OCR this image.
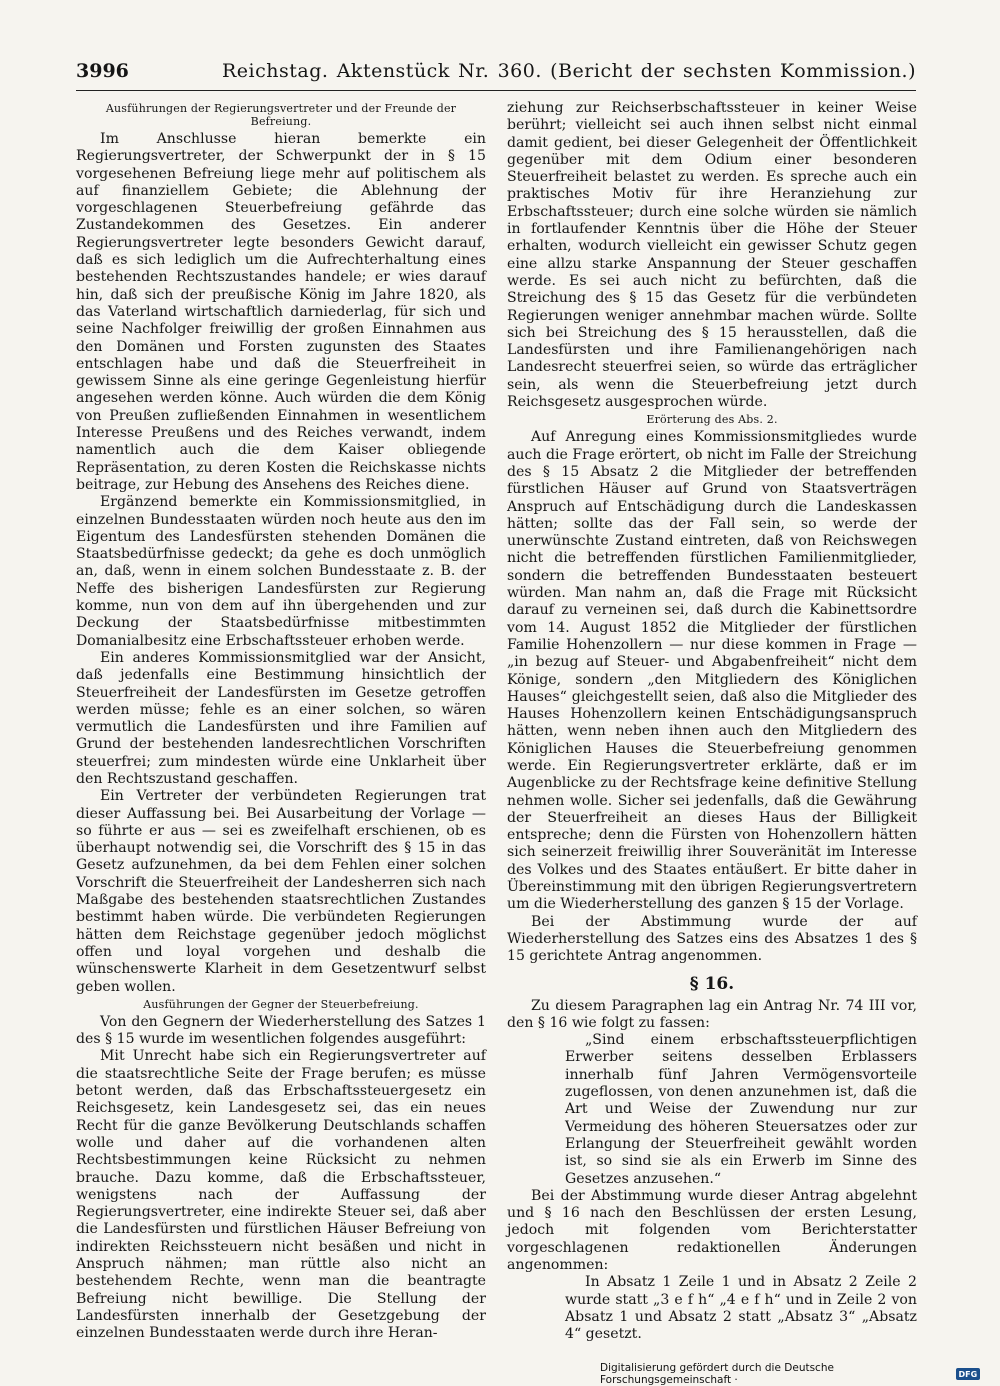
3996	Reichstag. Aktenstück Nr. 360. (Bericht der sechsten Kommission.)
Ausführungen der Regierungsvertreter und der Freunde der Befreiung.

Im Anschlusse hieran bemerkte ein Regierungsvertreter, der Schwerpunkt der in § 15 vorgesehenen Befreiung liege mehr auf politischem als auf finanziellem Gebiete; die Ablehnung der vorgeschlagenen Steuerbefreiung gefährde das Zustandekommen des Gesetzes. Ein anderer Regierungsvertreter legte besonders Gewicht darauf, daß es sich lediglich um die Aufrechterhaltung eines bestehenden Rechtszustandes handele; er wies darauf hin, daß sich der preußische König im Jahre 1820, als das Vaterland wirtschaftlich darniederlag, für sich und seine Nachfolger freiwillig der großen Einnahmen aus den Domänen und Forsten zugunsten des Staates entschlagen habe und daß die Steuerfreiheit in gewissem Sinne als eine geringe Gegenleistung hierfür angesehen werden könne. Auch würden die dem König von Preußen zufließenden Einnahmen in wesentlichem Interesse Preußens und des Reiches verwandt, indem namentlich auch die dem Kaiser obliegende Repräsentation, zu deren Kosten die Reichskasse nichts beitrage, zur Hebung des Ansehens des Reiches diene.

Ergänzend bemerkte ein Kommissionsmitglied, in einzelnen Bundesstaaten würden noch heute aus den im Eigentum des Landesfürsten stehenden Domänen die Staatsbedürfnisse gedeckt; da gehe es doch unmöglich an, daß, wenn in einem solchen Bundesstaate z. B. der Neffe des bisherigen Landesfürsten zur Regierung komme, nun von dem auf ihn übergehenden und zur Deckung der Staatsbedürfnisse mitbestimmten Domanialbesitz eine Erbschaftssteuer erhoben werde.

Ein anderes Kommissionsmitglied war der Ansicht, daß jedenfalls eine Bestimmung hinsichtlich der Steuerfreiheit der Landesfürsten im Gesetze getroffen werden müsse; fehle es an einer solchen, so wären vermutlich die Landesfürsten und ihre Familien auf Grund der bestehenden landesrechtlichen Vorschriften steuerfrei; zum mindesten würde eine Unklarheit über den Rechtszustand geschaffen.

Ein Vertreter der verbündeten Regierungen trat dieser Auffassung bei. Bei Ausarbeitung der Vorlage — so führte er aus — sei es zweifelhaft erschienen, ob es überhaupt notwendig sei, die Vorschrift des § 15 in das Gesetz aufzunehmen, da bei dem Fehlen einer solchen Vorschrift die Steuerfreiheit der Landesherren sich nach Maßgabe des bestehenden staatsrechtlichen Zustandes bestimmt haben würde. Die verbündeten Regierungen hätten dem Reichstage gegenüber jedoch möglichst offen und loyal vorgehen und deshalb die wünschenswerte Klarheit in dem Gesetzentwurf selbst geben wollen.

Ausführungen der Gegner der Steuerbefreiung.

Von den Gegnern der Wiederherstellung des Satzes 1 des § 15 wurde im wesentlichen folgendes ausgeführt:

Mit Unrecht habe sich ein Regierungsvertreter auf die staatsrechtliche Seite der Frage berufen; es müsse betont werden, daß das Erbschaftssteuergesetz ein Reichsgesetz, kein Landesgesetz sei, das ein neues Recht für die ganze Bevölkerung Deutschlands schaffen wolle und daher auf die vorhandenen alten Rechtsbestimmungen keine Rücksicht zu nehmen brauche. Dazu komme, daß die Erbschaftssteuer, wenigstens nach der Auffassung der Regierungsvertreter, eine indirekte Steuer sei, daß aber die Landesfürsten und fürstlichen Häuser Befreiung von indirekten Reichssteuern nicht besäßen und nicht in Anspruch nähmen; man rüttle also nicht an bestehendem Rechte, wenn man die beantragte Befreiung nicht bewillige. Die Stellung der Landesfürsten innerhalb der Gesetzgebung der einzelnen Bundesstaaten werde durch ihre Heran-

ziehung zur Reichserbschaftssteuer in keiner Weise berührt; vielleicht sei auch ihnen selbst nicht einmal damit gedient, bei dieser Gelegenheit der Öffentlichkeit gegenüber mit dem Odium einer besonderen Steuerfreiheit belastet zu werden. Es spreche auch ein praktisches Motiv für ihre Heranziehung zur Erbschaftssteuer; durch eine solche würden sie nämlich in fortlaufender Kenntnis über die Höhe der Steuer erhalten, wodurch vielleicht ein gewisser Schutz gegen eine allzu starke Anspannung der Steuer geschaffen werde. Es sei auch nicht zu befürchten, daß die Streichung des § 15 das Gesetz für die verbündeten Regierungen weniger annehmbar machen würde. Sollte sich bei Streichung des § 15 herausstellen, daß die Landesfürsten und ihre Familienangehörigen nach Landesrecht steuerfrei seien, so würde das erträglicher sein, als wenn die Steuerbefreiung jetzt durch Reichsgesetz ausgesprochen würde.

Erörterung des Abs. 2.

Auf Anregung eines Kommissionsmitgliedes wurde auch die Frage erörtert, ob nicht im Falle der Streichung des § 15 Absatz 2 die Mitglieder der betreffenden fürstlichen Häuser auf Grund von Staatsverträgen Anspruch auf Entschädigung durch die Landeskassen hätten; sollte das der Fall sein, so werde der unerwünschte Zustand eintreten, daß von Reichswegen nicht die betreffenden fürstlichen Familienmitglieder, sondern die betreffenden Bundesstaaten besteuert würden. Man nahm an, daß die Frage mit Rücksicht darauf zu verneinen sei, daß durch die Kabinettsordre vom 14. August 1852 die Mitglieder der fürstlichen Familie Hohenzollern — nur diese kommen in Frage — „in bezug auf Steuer- und Abgabenfreiheit“ nicht dem Könige, sondern „den Mitgliedern des Königlichen Hauses“ gleichgestellt seien, daß also die Mitglieder des Hauses Hohenzollern keinen Entschädigungsanspruch hätten, wenn neben ihnen auch den Mitgliedern des Königlichen Hauses die Steuerbefreiung genommen werde. Ein Regierungsvertreter erklärte, daß er im Augenblicke zu der Rechtsfrage keine definitive Stellung nehmen wolle. Sicher sei jedenfalls, daß die Gewährung der Steuerfreiheit an dieses Haus der Billigkeit entspreche; denn die Fürsten von Hohenzollern hätten sich seinerzeit freiwillig ihrer Souveränität im Interesse des Volkes und des Staates entäußert. Er bitte daher in Übereinstimmung mit den übrigen Regierungsvertretern um die Wiederherstellung des ganzen § 15 der Vorlage.

Bei der Abstimmung wurde der auf Wiederherstellung des Satzes eins des Absatzes 1 des § 15 gerichtete Antrag angenommen.

§ 16.

Zu diesem Paragraphen lag ein Antrag Nr. 74 III vor, den § 16 wie folgt zu fassen:

„Sind einem erbschaftssteuerpflichtigen Erwerber seitens desselben Erblassers innerhalb fünf Jahren Vermögensvorteile zugeflossen, von denen anzunehmen ist, daß die Art und Weise der Zuwendung nur zur Vermeidung des höheren Steuersatzes oder zur Erlangung der Steuerfreiheit gewählt worden ist, so sind sie als ein Erwerb im Sinne des Gesetzes anzusehen.“

Bei der Abstimmung wurde dieser Antrag abgelehnt und § 16 nach den Beschlüssen der ersten Lesung, jedoch mit folgenden vom Berichterstatter vorgeschlagenen redaktionellen Änderungen angenommen:

In Absatz 1 Zeile 1 und in Absatz 2 Zeile 2 wurde statt „3 e f h“ „4 e f h“ und in Zeile 2 von Absatz 1 und Absatz 2 statt „Absatz 3“ „Absatz 4“ gesetzt.

Digitalisierung gefördert durch die Deutsche Forschungsgemeinschaft ·	DFG
